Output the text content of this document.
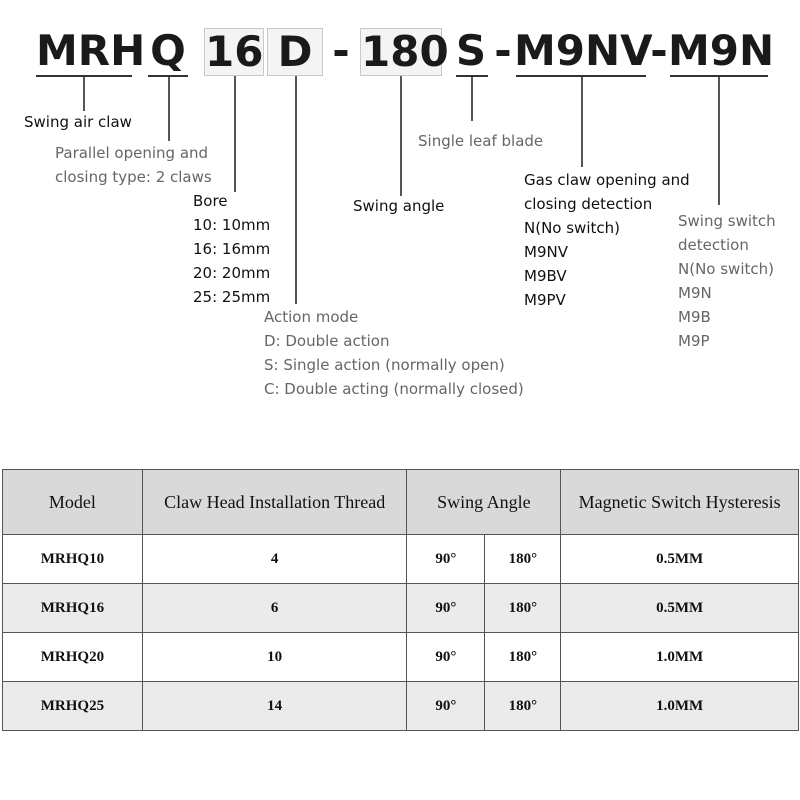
MRH Q 16 D - 180 S - M9NV
- M9N
Swing air claw
Parallel opening and
closing type: 2 claws
Bore
10: 10mm
16: 16mm
20: 20mm
25: 25mm
Action mode
D: Double action
S: Single action (normally open)
C: Double acting (normally closed)
Swing angle
Single leaf blade
Gas claw opening and
closing detection
N(No switch)
M9NV
M9BV
M9PV
Swing switch
detection
N(No switch)
M9N
M9B
M9P
Model	Claw Head Installation Thread	Swing Angle		Magnetic Switch Hysteresis
MRHQ10	4	90°	180°	0.5MM
MRHQ16	6	90°	180°	0.5MM
MRHQ20	10	90°	180°	1.0MM
MRHQ25	14	90°	180°	1.0MM
